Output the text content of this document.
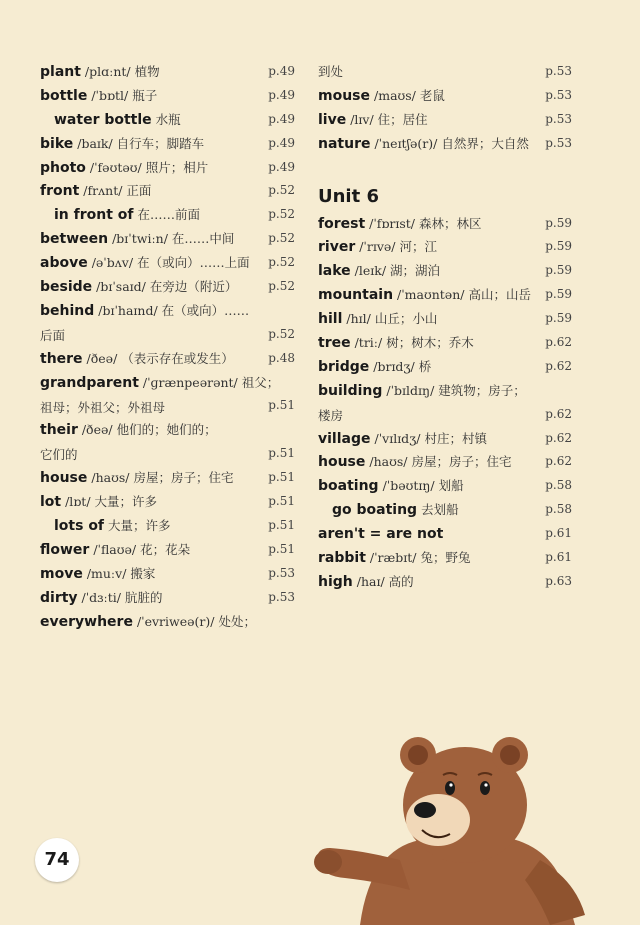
plant /plɑːnt/ 植物	p.49
bottle /ˈbɒtl/ 瓶子	p.49
water bottle 水瓶	p.49
bike /baɪk/ 自行车；脚踏车	p.49
photo /ˈfəʊtəʊ/ 照片；相片	p.49
front /frʌnt/ 正面	p.52
in front of 在……前面	p.52
between /bɪˈtwiːn/ 在……中间	p.52
above /əˈbʌv/ 在（或向）……上面	p.52
beside /bɪˈsaɪd/ 在旁边（附近）	p.52
behind /bɪˈhaɪnd/ 在（或向）……
后面	p.52
there /ðeə/ （表示存在或发生）	p.48
grandparent /ˈɡrænpeərənt/ 祖父；
祖母；外祖父；外祖母	p.51
their /ðeə/ 他们的；她们的；
它们的	p.51
house /haʊs/ 房屋；房子；住宅	p.51
lot /lɒt/ 大量；许多	p.51
lots of 大量；许多	p.51
flower /ˈflaʊə/ 花；花朵	p.51
move /muːv/ 搬家	p.53
dirty /ˈdɜːti/ 肮脏的	p.53
everywhere /ˈevriweə(r)/ 处处；
到处	p.53
mouse /maʊs/ 老鼠	p.53
live /lɪv/ 住；居住	p.53
nature /ˈneɪtʃə(r)/ 自然界；大自然	p.53
Unit 6
forest /ˈfɒrɪst/ 森林；林区	p.59
river /ˈrɪvə/ 河；江	p.59
lake /leɪk/ 湖；湖泊	p.59
mountain /ˈmaʊntən/ 高山；山岳	p.59
hill /hɪl/ 山丘；小山	p.59
tree /triː/ 树；树木；乔木	p.62
bridge /brɪdʒ/ 桥	p.62
building /ˈbɪldɪŋ/ 建筑物；房子；
楼房	p.62
village /ˈvɪlɪdʒ/ 村庄；村镇	p.62
house /haʊs/ 房屋；房子；住宅	p.62
boating /ˈbəʊtɪŋ/ 划船	p.58
go boating 去划船	p.58
aren't = are not	p.61
rabbit /ˈræbɪt/ 兔；野兔	p.61
high /haɪ/ 高的	p.63
74
